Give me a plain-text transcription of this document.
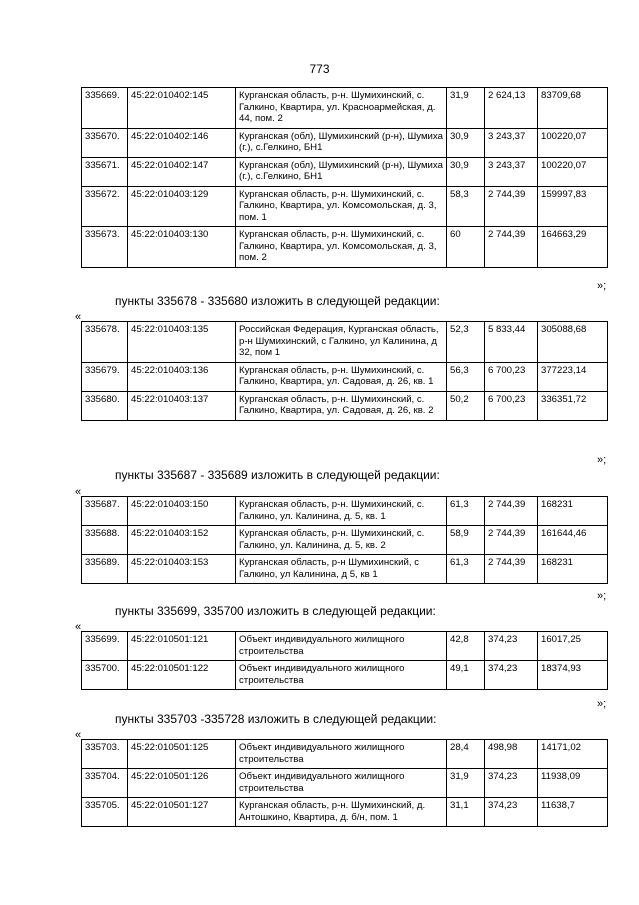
773
335669.	45:22:010402:145	Курганская область, р-н. Шумихинский, с. Галкино, Квартира, ул. Красноармейская, д. 44, пом. 2	31,9	2 624,13	83709,68
335670.	45:22:010402:146	Курганская (обл), Шумихинский (р-н), Шумиха (г.), с.Гелкино, БН1	30,9	3 243,37	100220,07
335671.	45:22:010402:147	Курганская (обл), Шумихинский (р-н), Шумиха (г.), с.Гелкино, БН1	30,9	3 243,37	100220,07
335672.	45:22:010403:129	Курганская область, р-н. Шумихинский, с. Галкино, Квартира, ул. Комсомольская, д. 3, пом. 1	58,3	2 744,39	159997,83
335673.	45:22:010403:130	Курганская область, р-н. Шумихинский, с. Галкино, Квартира, ул. Комсомольская, д. 3, пом. 2	60	2 744,39	164663,29
»;
пункты 335678 - 335680 изложить в следующей редакции:
«
335678.	45:22:010403:135	Российская Федерация, Курганская область, р-н Шумихинский, с Галкино, ул Калинина, д 32, пом 1	52,3	5 833,44	305088,68
335679.	45:22:010403:136	Курганская область, р-н. Шумихинский, с. Галкино, Квартира, ул. Садовая, д. 26, кв. 1	56,3	6 700,23	377223,14
335680.	45:22:010403:137	Курганская область, р-н. Шумихинский, с. Галкино, Квартира, ул. Садовая, д. 26, кв. 2	50,2	6 700,23	336351,72
»;
пункты 335687 - 335689 изложить в следующей редакции:
«
335687.	45:22:010403:150	Курганская область, р-н. Шумихинский, с. Галкино, ул. Калинина, д. 5, кв. 1	61,3	2 744,39	168231
335688.	45:22:010403:152	Курганская область, р-н. Шумихинский, с. Галкино, ул. Калинина, д. 5, кв. 2	58,9	2 744,39	161644,46
335689.	45:22:010403:153	Курганская область, р-н Шумихинский, с Галкино, ул Калинина, д 5, кв 1	61,3	2 744,39	168231
»;
пункты 335699, 335700 изложить в следующей редакции:
«
335699.	45:22:010501:121	Объект индивидуального жилищного строительства	42,8	374,23	16017,25
335700.	45:22:010501:122	Объект индивидуального жилищного строительства	49,1	374,23	18374,93
»;
пункты 335703 -335728 изложить в следующей редакции:
«
335703.	45:22:010501:125	Объект индивидуального жилищного строительства	28,4	498,98	14171,02
335704.	45:22:010501:126	Объект индивидуального жилищного строительства	31,9	374,23	11938,09
335705.	45:22:010501:127	Курганская область, р-н. Шумихинский, д. Антошкино, Квартира, д. б/н, пом. 1	31,1	374,23	11638,7
